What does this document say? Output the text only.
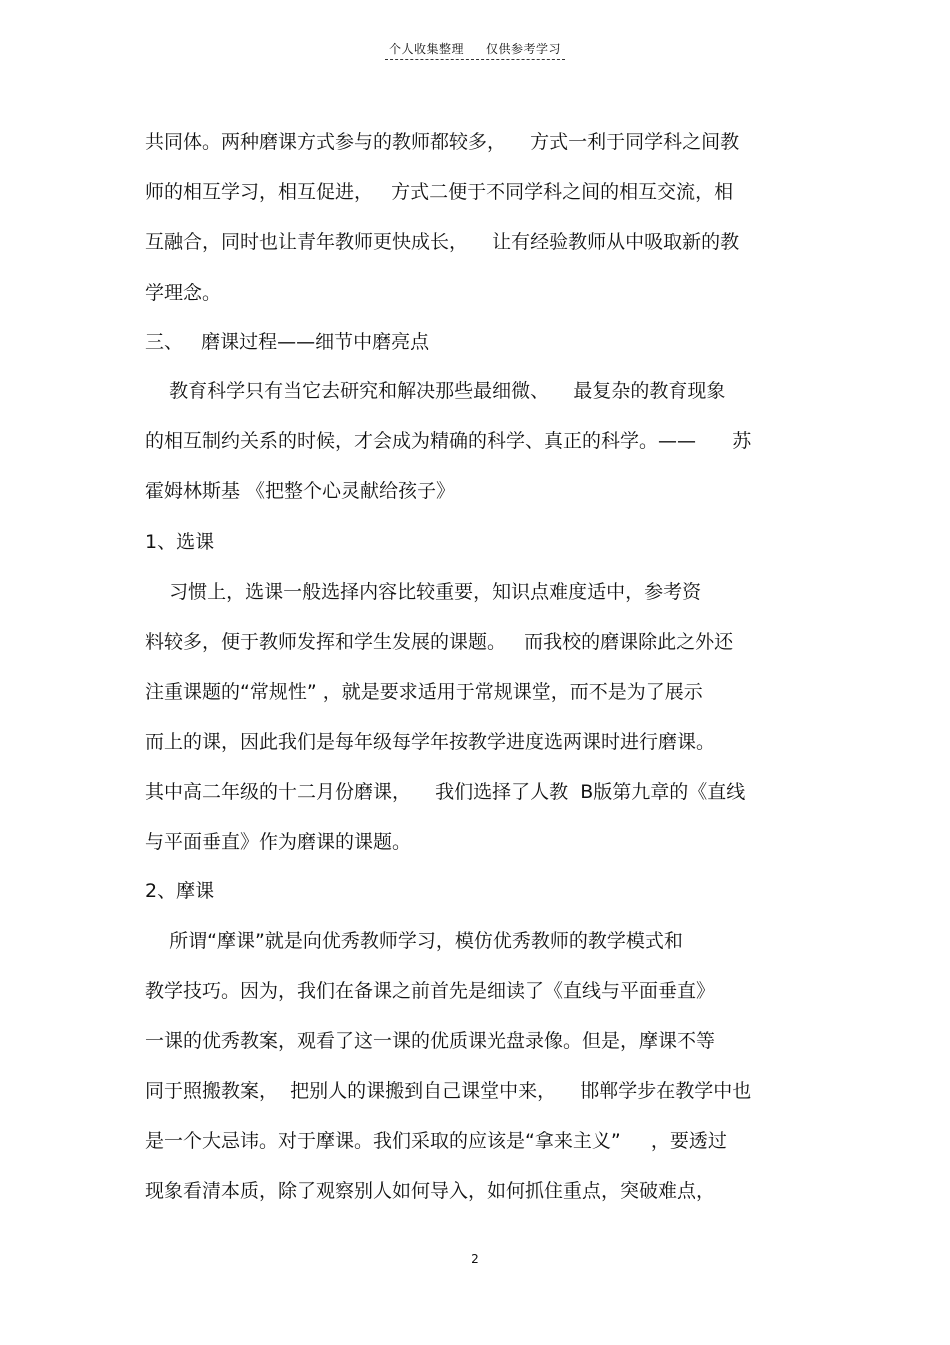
个人收集整理 仅供参考学习
共同体。两种磨课方式参与的教师都较多，    方式一利于同学科之间教
师的相互学习，相互促进，   方式二便于不同学科之间的相互交流，相
互融合，同时也让青年教师更快成长，    让有经验教师从中吸取新的教
学理念。
三、   磨课过程——细节中磨亮点
教育科学只有当它去研究和解决那些最细微、    最复杂的教育现象
的相互制约关系的时候，才会成为精确的科学、真正的科学。——      苏
霍姆林斯基 《把整个心灵献给孩子》
1、选课
习惯上，选课一般选择内容比较重要，知识点难度适中，参考资
料较多，便于教师发挥和学生发展的课题。   而我校的磨课除此之外还
注重课题的“常规性” ，就是要求适用于常规课堂，而不是为了展示
而上的课，因此我们是每年级每学年按教学进度选两课时进行磨课。
其中高二年级的十二月份磨课，    我们选择了人教  B版第九章的《直线
与平面垂直》作为磨课的课题。
2、摩课
所谓“摩课”就是向优秀教师学习，模仿优秀教师的教学模式和
教学技巧。因为，我们在备课之前首先是细读了《直线与平面垂直》
一课的优秀教案，观看了这一课的优质课光盘录像。但是，摩课不等
同于照搬教案，  把别人的课搬到自己课堂中来，    邯郸学步在教学中也
是一个大忌讳。对于摩课。我们采取的应该是“拿来主义”     ，要透过
现象看清本质，除了观察别人如何导入，如何抓住重点，突破难点，
2
